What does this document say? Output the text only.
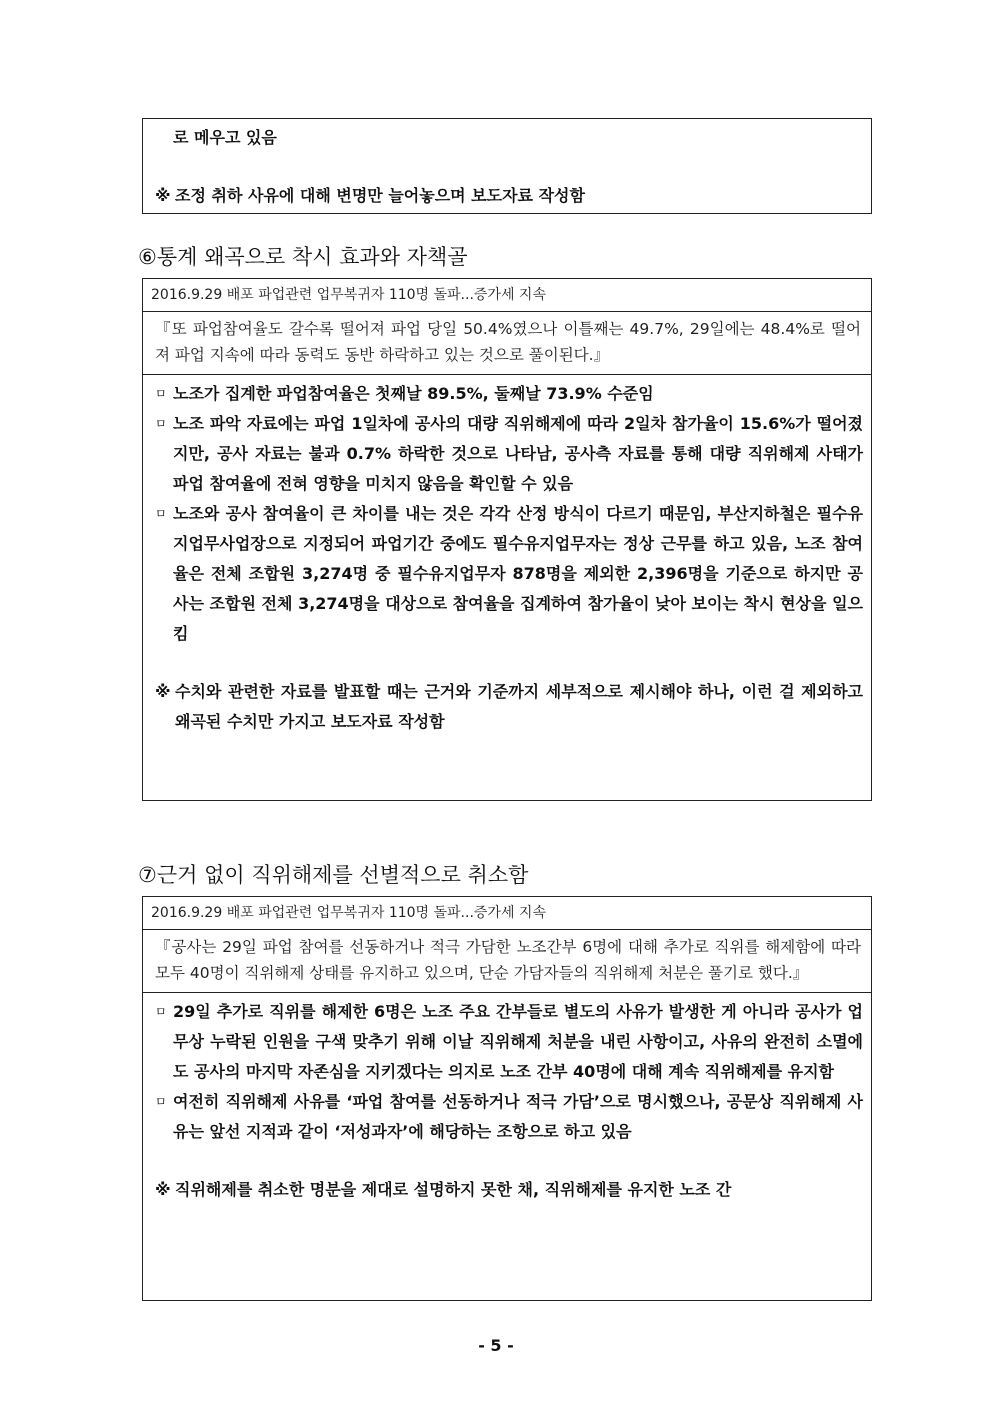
로 메우고 있음
※ 조정 취하 사유에 대해 변명만 늘어놓으며 보도자료 작성함
⑥통계 왜곡으로 착시 효과와 자책골
2016.9.29 배포 파업관련 업무복귀자 110명 돌파...증가세 지속
『또 파업참여율도 갈수록 떨어져 파업 당일 50.4%였으나 이틀째는 49.7%, 29일에는 48.4%로 떨어져 파업 지속에 따라 동력도 동반 하락하고 있는 것으로 풀이된다.』
ㅁ 노조가 집계한 파업참여율은 첫째날 89.5%, 둘째날 73.9% 수준임
ㅁ 노조 파악 자료에는 파업 1일차에 공사의 대량 직위해제에 따라 2일차 참가율이 15.6%가 떨어졌지만, 공사 자료는 불과 0.7% 하락한 것으로 나타남, 공사측 자료를 통해 대량 직위해제 사태가 파업 참여율에 전혀 영향을 미치지 않음을 확인할 수 있음
ㅁ 노조와 공사 참여율이 큰 차이를 내는 것은 각각 산정 방식이 다르기 때문임, 부산지하철은 필수유지업무사업장으로 지정되어 파업기간 중에도 필수유지업무자는 정상 근무를 하고 있음, 노조 참여율은 전체 조합원 3,274명 중 필수유지업무자 878명을 제외한 2,396명을 기준으로 하지만 공사는 조합원 전체 3,274명을 대상으로 참여율을 집계하여 참가율이 낮아 보이는 착시 현상을 일으킴
※ 수치와 관련한 자료를 발표할 때는 근거와 기준까지 세부적으로 제시해야 하나, 이런 걸 제외하고 왜곡된 수치만 가지고 보도자료 작성함
⑦근거 없이 직위해제를 선별적으로 취소함
2016.9.29 배포 파업관련 업무복귀자 110명 돌파...증가세 지속
『공사는 29일 파업 참여를 선동하거나 적극 가담한 노조간부 6명에 대해 추가로 직위를 해제함에 따라 모두 40명이 직위해제 상태를 유지하고 있으며, 단순 가담자들의 직위해제 처분은 풀기로 했다.』
ㅁ 29일 추가로 직위를 해제한 6명은 노조 주요 간부들로 별도의 사유가 발생한 게 아니라 공사가 업무상 누락된 인원을 구색 맞추기 위해 이날 직위해제 처분을 내린 사항이고, 사유의 완전히 소멸에도 공사의 마지막 자존심을 지키겠다는 의지로 노조 간부 40명에 대해 계속 직위해제를 유지함
ㅁ 여전히 직위해제 사유를 ‘파업 참여를 선동하거나 적극 가담’으로 명시했으나, 공문상 직위해제 사유는 앞선 지적과 같이 ‘저성과자’에 해당하는 조항으로 하고 있음
※ 직위해제를 취소한 명분을 제대로 설명하지 못한 채, 직위해제를 유지한 노조 간
- 5 -
